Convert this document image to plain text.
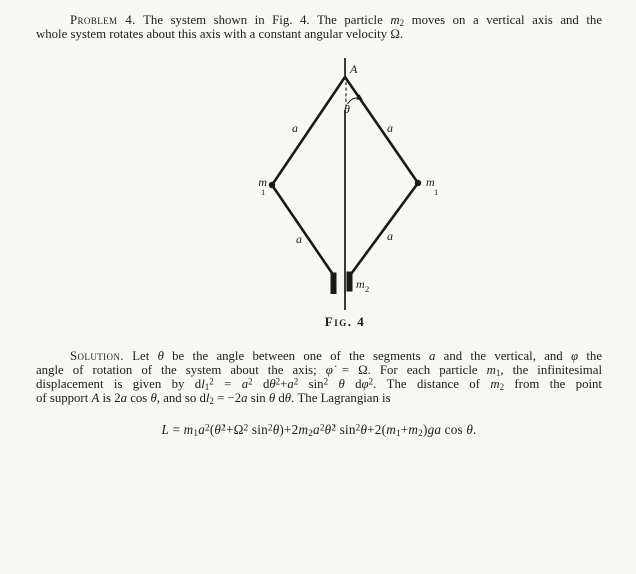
Problem 4. The system shown in Fig. 4. The particle m2 moves on a vertical axis and the
whole system rotates about this axis with a constant angular velocity Ω.
A
θ
a	a
a	a
m
1
m
1
m 2
Fig. 4
Solution. Let θ be the angle between one of the segments a and the vertical, and φ the
angle of rotation of the system about the axis; φ̇ = Ω. For each particle m1, the infinitesimal
displacement is given by $dl1^2 = a^2$ $d\theta^2+a^2$ $\sin^2 \theta$ $d\varphi^2$. The distance of m2 from the point
of support A is 2a cos θ, and so dl2 = −2a sin θ dθ. The Lagrangian is
$L = m1a^2(\thetȧ^2+\Omega^2$ $\sin^2\theta)+2m2a^2\thetȧ^2$ $\sin^2\theta+2(m1+m2)ga$ cos θ.
